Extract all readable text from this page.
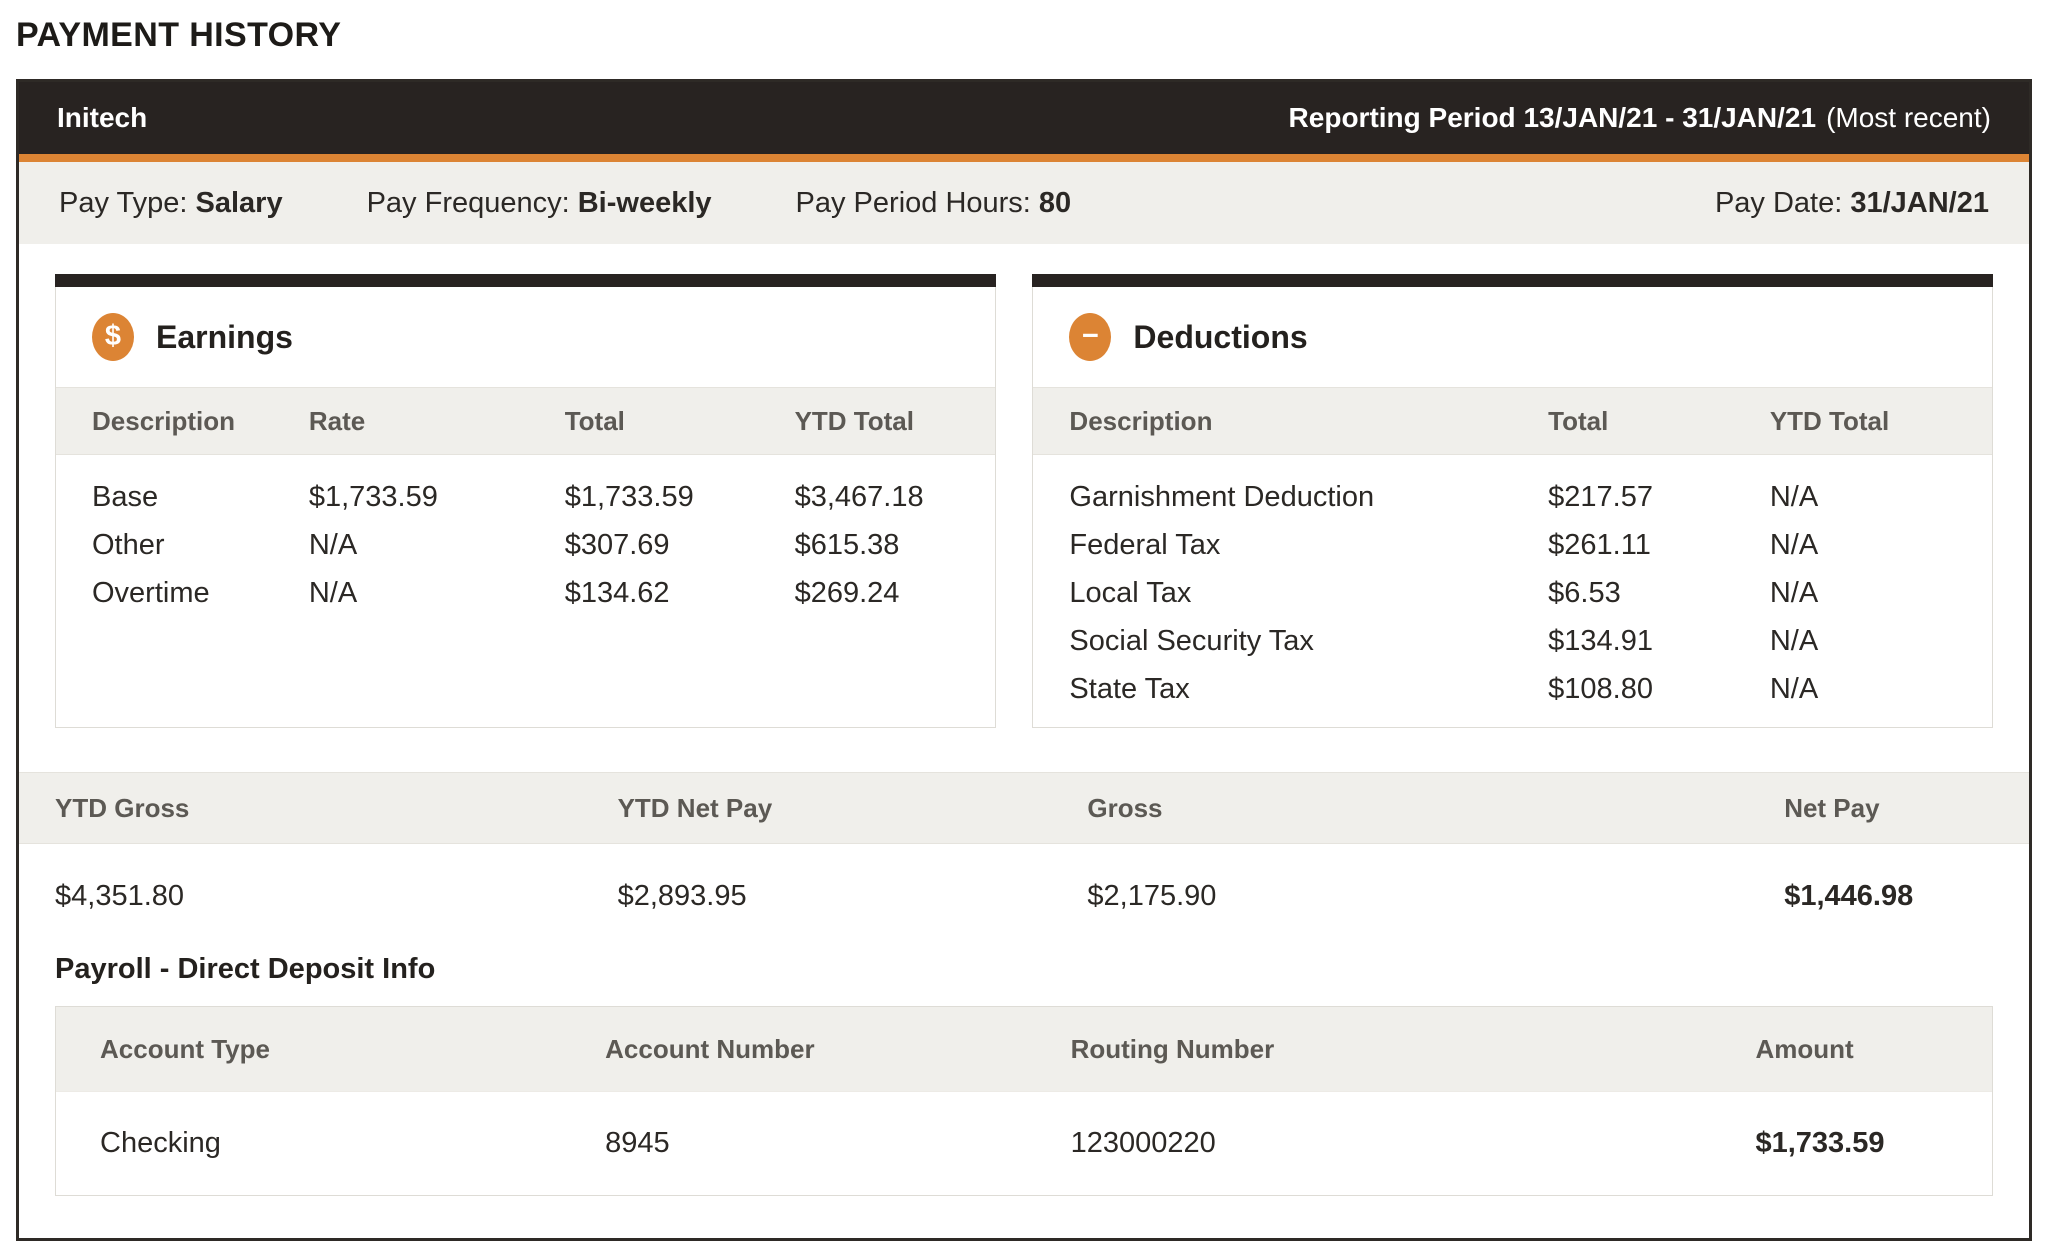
PAYMENT HISTORY
Initech	Reporting Period 13/JAN/21 - 31/JAN/21 (Most recent)
Pay Type: Salary	Pay Frequency: Bi-weekly	Pay Period Hours: 80	Pay Date: 31/JAN/21
$	Earnings
Description	Rate	Total	YTD Total
Base	$1,733.59	$1,733.59	$3,467.18
Other	N/A	$307.69	$615.38
Overtime	N/A	$134.62	$269.24
−	Deductions
Description	Total	YTD Total
Garnishment Deduction	$217.57	N/A
Federal Tax	$261.11	N/A
Local Tax	$6.53	N/A
Social Security Tax	$134.91	N/A
State Tax	$108.80	N/A
YTD Gross	YTD Net Pay	Gross	Net Pay
$4,351.80	$2,893.95	$2,175.90	$1,446.98
Payroll - Direct Deposit Info
Account Type	Account Number	Routing Number	Amount
Checking	8945	123000220	$1,733.59
